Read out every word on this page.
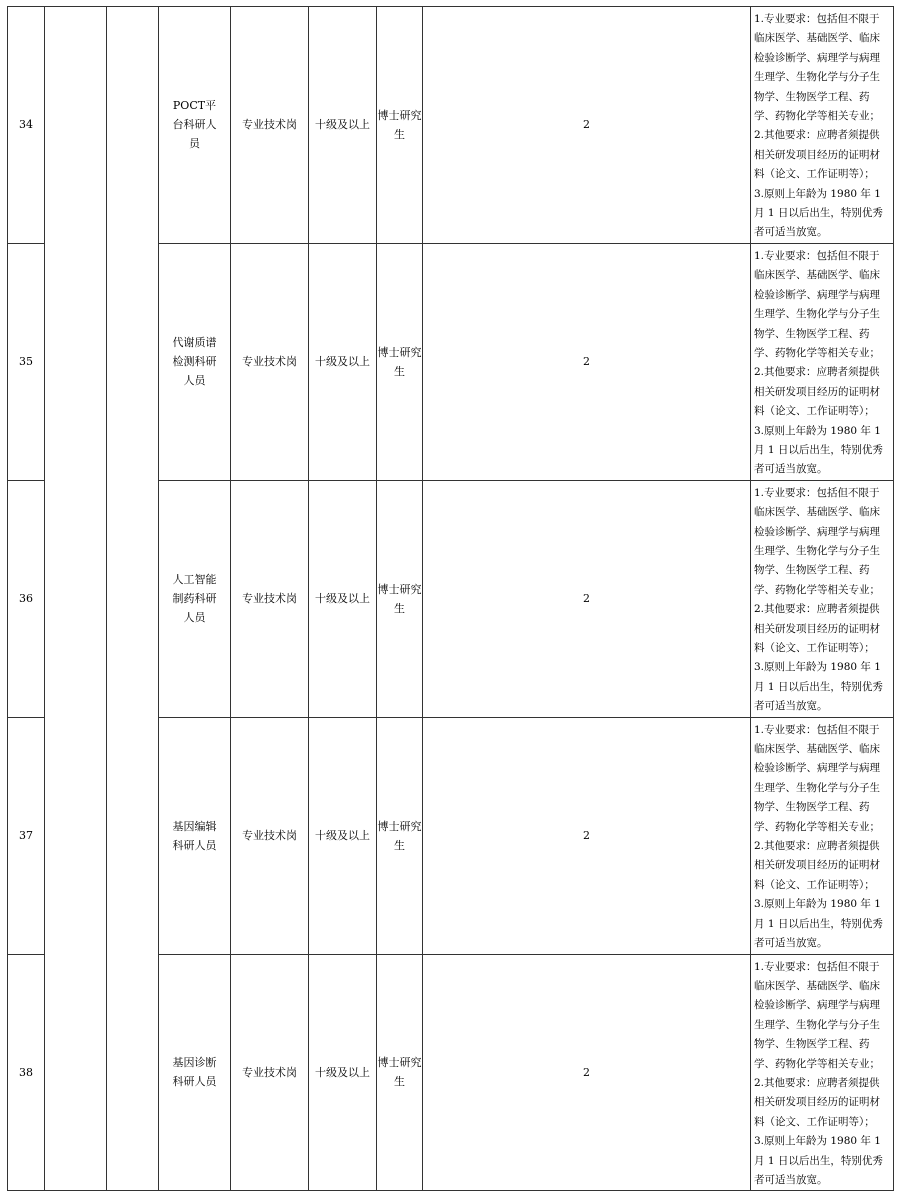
34			POCT平台科研人员	专业技术岗	十级及以上	博士研究生	2	1.专业要求：包括但不限于临床医学、基础医学、临床检验诊断学、病理学与病理生理学、生物化学与分子生物学、生物医学工程、药学、药物化学等相关专业；
2.其他要求：应聘者须提供相关研发项目经历的证明材料（论文、工作证明等）；
3.原则上年龄为 1980 年 1 月 1 日以后出生，特别优秀者可适当放宽。	

35			代谢质谱检测科研人员	专业技术岗	十级及以上	博士研究生	2	1.专业要求：包括但不限于临床医学、基础医学、临床检验诊断学、病理学与病理生理学、生物化学与分子生物学、生物医学工程、药学、药物化学等相关专业；
2.其他要求：应聘者须提供相关研发项目经历的证明材料（论文、工作证明等）；
3.原则上年龄为 1980 年 1 月 1 日以后出生，特别优秀者可适当放宽。	

36			人工智能制药科研人员	专业技术岗	十级及以上	博士研究生	2	1.专业要求：包括但不限于临床医学、基础医学、临床检验诊断学、病理学与病理生理学、生物化学与分子生物学、生物医学工程、药学、药物化学等相关专业；
2.其他要求：应聘者须提供相关研发项目经历的证明材料（论文、工作证明等）；
3.原则上年龄为 1980 年 1 月 1 日以后出生，特别优秀者可适当放宽。	

37			基因编辑科研人员	专业技术岗	十级及以上	博士研究生	2	1.专业要求：包括但不限于临床医学、基础医学、临床检验诊断学、病理学与病理生理学、生物化学与分子生物学、生物医学工程、药学、药物化学等相关专业；
2.其他要求：应聘者须提供相关研发项目经历的证明材料（论文、工作证明等）；
3.原则上年龄为 1980 年 1 月 1 日以后出生，特别优秀者可适当放宽。	

38			基因诊断科研人员	专业技术岗	十级及以上	博士研究生	2	1.专业要求：包括但不限于临床医学、基础医学、临床检验诊断学、病理学与病理生理学、生物化学与分子生物学、生物医学工程、药学、药物化学等相关专业；
2.其他要求：应聘者须提供相关研发项目经历的证明材料（论文、工作证明等）；
3.原则上年龄为 1980 年 1 月 1 日以后出生，特别优秀者可适当放宽。	
